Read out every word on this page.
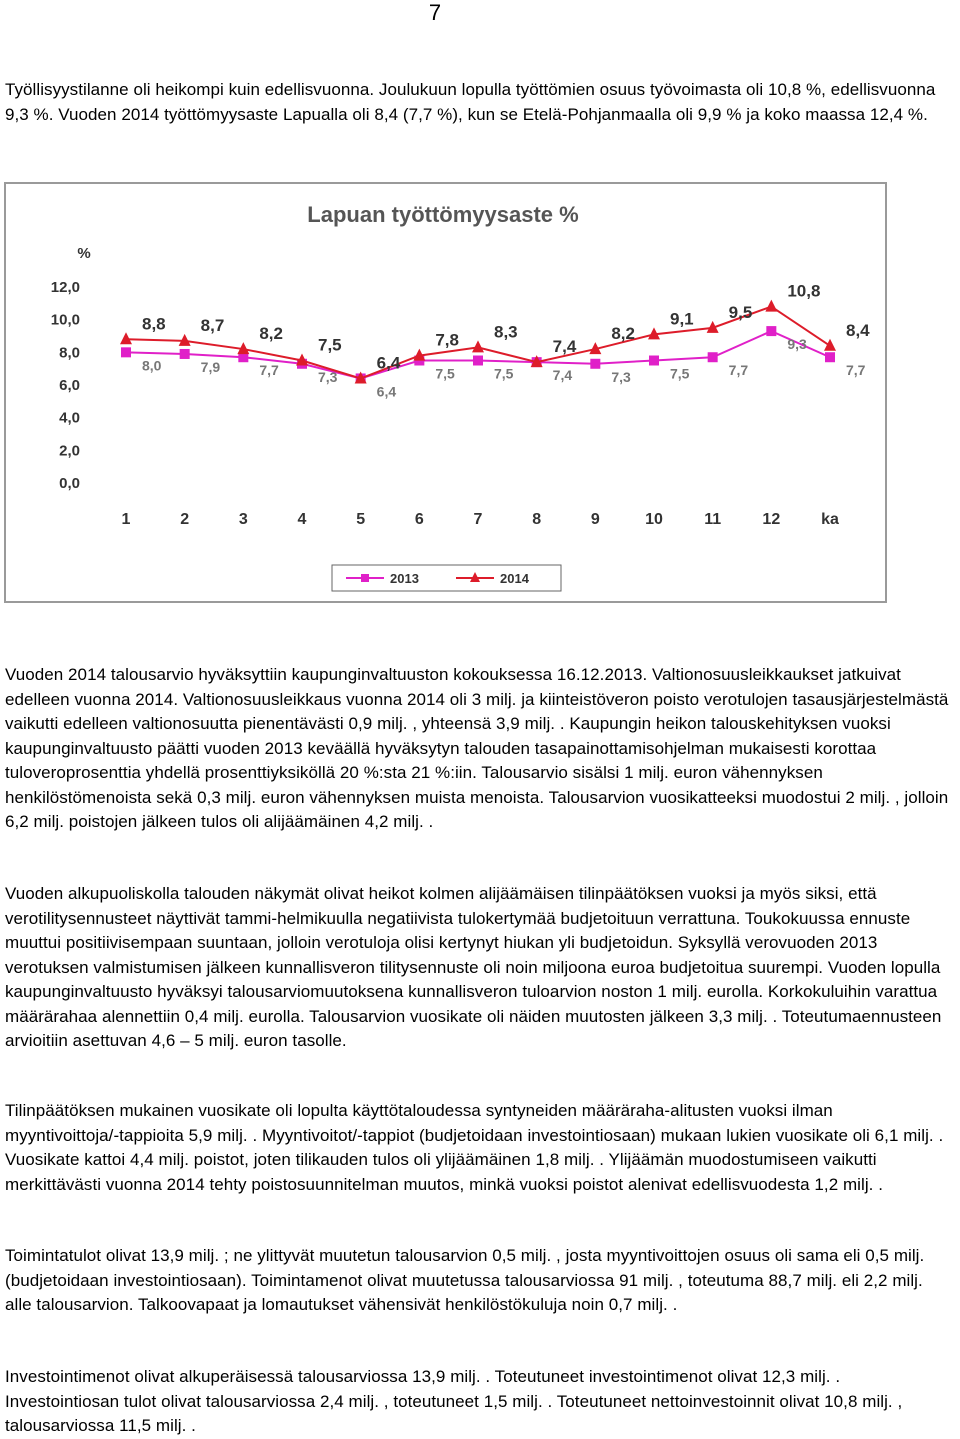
7

Työllisyystilanne oli heikompi kuin edellisvuonna. Joulukuun lopulla työttömien osuus työvoimasta oli 10,8 %, edellisvuonna 9,3 %. Vuoden 2014 työttömyysaste Lapualla oli 8,4 (7,7 %), kun se Etelä-Pohjanmaalla oli 9,9 % ja koko maassa 12,4 %.

Lapuan työttömyysaste %
%
0,0
2,0
4,0
6,0
8,0
10,0
12,0
1	2	3	4	5	6	7	8	9	10	11	12	ka
8,0	7,9	7,7	7,3
6,4
7,5	7,5	7,4	7,3	7,5	7,7
9,3
7,7
8,8 8,7 8,2
7,5
6,4
7,8 8,3
7,4
8,2
9,1 9,5
10,8
8,4
2013	2014

Vuoden 2014 talousarvio hyväksyttiin kaupunginvaltuuston kokouksessa 16.12.2013. Valtionosuusleikkaukset jatkuivat edelleen vuonna 2014. Valtionosuusleikkaus vuonna 2014 oli 3 milj. ja kiinteistöveron poisto verotulojen tasausjärjestelmästä vaikutti edelleen valtionosuutta pienentävästi 0,9 milj. , yhteensä 3,9 milj. . Kaupungin heikon talouskehityksen vuoksi kaupunginvaltuusto päätti vuoden 2013 keväällä hyväksytyn talouden tasapainottamisohjelman mukaisesti korottaa tuloveroprosenttia yhdellä prosenttiyksiköllä 20 %:sta 21 %:iin. Talousarvio sisälsi 1 milj. euron vähennyksen henkilöstömenoista sekä 0,3 milj. euron vähennyksen muista menoista. Talousarvion vuosikatteeksi muodostui 2 milj. , jolloin 6,2 milj. poistojen jälkeen tulos oli alijäämäinen 4,2 milj. .

Vuoden alkupuoliskolla talouden näkymät olivat heikot kolmen alijäämäisen tilinpäätöksen vuoksi ja myös siksi, että verotilitysennusteet näyttivät tammi-helmikuulla negatiivista tulokertymää budjetoituun verrattuna. Toukokuussa ennuste muuttui positiivisempaan suuntaan, jolloin verotuloja olisi kertynyt hiukan yli budjetoidun. Syksyllä verovuoden 2013 verotuksen valmistumisen jälkeen kunnallisveron tilitysennuste oli noin miljoona euroa budjetoitua suurempi. Vuoden lopulla kaupunginvaltuusto hyväksyi talousarviomuutoksena kunnallisveron tuloarvion noston 1 milj. eurolla. Korkokuluihin varattua määrärahaa alennettiin 0,4 milj. eurolla. Talousarvion vuosikate oli näiden muutosten jälkeen 3,3 milj. . Toteutumaennusteen arvioitiin asettuvan 4,6 – 5 milj. euron tasolle.

Tilinpäätöksen mukainen vuosikate oli lopulta käyttötaloudessa syntyneiden määräraha-alitusten vuoksi ilman myyntivoittoja/-tappioita 5,9 milj. . Myyntivoitot/-tappiot (budjetoidaan investointiosaan) mukaan lukien vuosikate oli 6,1 milj. . Vuosikate kattoi 4,4 milj. poistot, joten tilikauden tulos oli ylijäämäinen 1,8 milj. . Ylijäämän muodostumiseen vaikutti merkittävästi vuonna 2014 tehty poistosuunnitelman muutos, minkä vuoksi poistot alenivat edellisvuodesta 1,2 milj. .

Toimintatulot olivat 13,9 milj. ; ne ylittyvät muutetun talousarvion 0,5 milj. , josta myyntivoittojen osuus oli sama eli 0,5 milj. (budjetoidaan investointiosaan). Toimintamenot olivat muutetussa talousarviossa 91 milj. , toteutuma 88,7 milj. eli 2,2 milj. alle talousarvion. Talkoovapaat ja lomautukset vähensivät henkilöstökuluja noin 0,7 milj. .

Investointimenot olivat alkuperäisessä talousarviossa 13,9 milj. . Toteutuneet investointimenot olivat 12,3 milj. . Investointiosan tulot olivat talousarviossa 2,4 milj. , toteutuneet 1,5 milj. . Toteutuneet nettoinvestoinnit olivat 10,8 milj. , talousarviossa 11,5 milj. .
